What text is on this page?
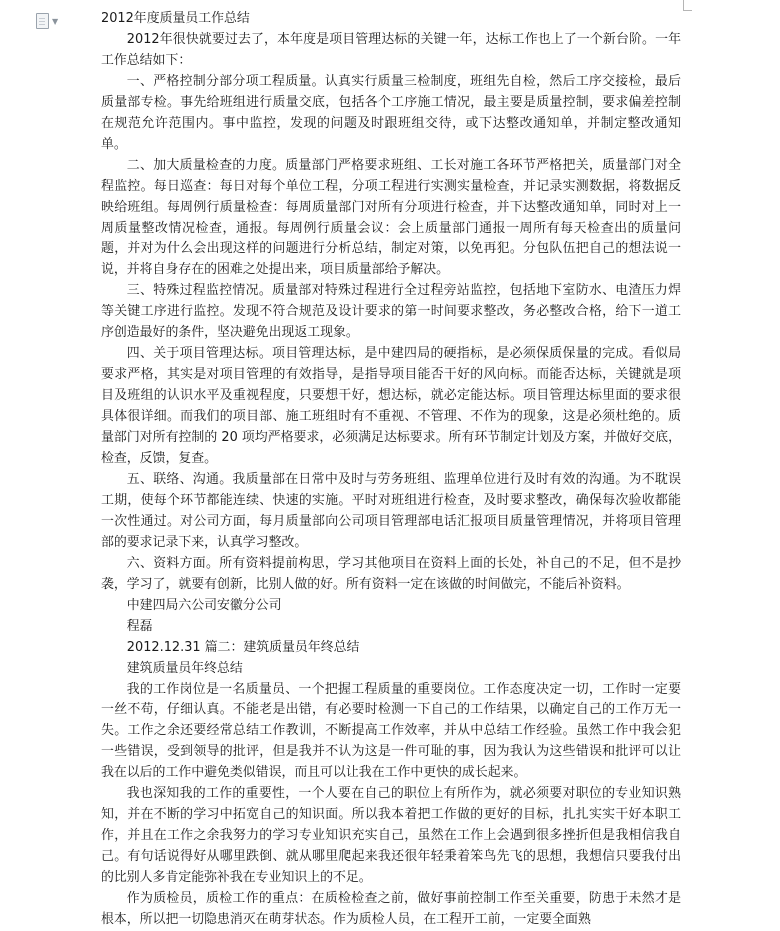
▼	2012年度质量员工作总结

2012年很快就要过去了，本年度是项目管理达标的关键一年，达标工作也上了一个新台阶。一年工作总结如下：

一、严格控制分部分项工程质量。认真实行质量三检制度，班组先自检，然后工序交接检，最后质量部专检。事先给班组进行质量交底，包括各个工序施工情况，最主要是质量控制，要求偏差控制在规范允许范围内。事中监控，发现的问题及时跟班组交待，或下达整改通知单，并制定整改通知单。

二、加大质量检查的力度。质量部门严格要求班组、工长对施工各环节严格把关，质量部门对全程监控。每日巡查：每日对每个单位工程，分项工程进行实测实量检查，并记录实测数据，将数据反映给班组。每周例行质量检查：每周质量部门对所有分项进行检查，并下达整改通知单，同时对上一周质量整改情况检查，通报。每周例行质量会议：会上质量部门通报一周所有每天检查出的质量问题，并对为什么会出现这样的问题进行分析总结，制定对策，以免再犯。分包队伍把自己的想法说一说，并将自身存在的困难之处提出来，项目质量部给予解决。

三、特殊过程监控情况。质量部对特殊过程进行全过程旁站监控，包括地下室防水、电渣压力焊等关键工序进行监控。发现不符合规范及设计要求的第一时间要求整改，务必整改合格，给下一道工序创造最好的条件，坚决避免出现返工现象。

四、关于项目管理达标。项目管理达标，是中建四局的硬指标，是必须保质保量的完成。看似局要求严格，其实是对项目管理的有效指导，是指导项目能否干好的风向标。而能否达标，关键就是项目及班组的认识水平及重视程度，只要想干好，想达标，就必定能达标。项目管理达标里面的要求很具体很详细。而我们的项目部、施工班组时有不重视、不管理、不作为的现象，这是必须杜绝的。质量部门对所有控制的 20 项均严格要求，必须满足达标要求。所有环节制定计划及方案，并做好交底，检查，反馈，复查。

五、联络、沟通。我质量部在日常中及时与劳务班组、监理单位进行及时有效的沟通。为不耽误工期，使每个环节都能连续、快速的实施。平时对班组进行检查，及时要求整改，确保每次验收都能一次性通过。对公司方面，每月质量部向公司项目管理部电话汇报项目质量管理情况，并将项目管理部的要求记录下来，认真学习整改。

六、资料方面。所有资料提前构思，学习其他项目在资料上面的长处，补自己的不足，但不是抄袭，学习了，就要有创新，比别人做的好。所有资料一定在该做的时间做完，不能后补资料。

中建四局六公司安徽分公司

程磊

2012.12.31 篇二：建筑质量员年终总结

建筑质量员年终总结

我的工作岗位是一名质量员、一个把握工程质量的重要岗位。工作态度决定一切，工作时一定要一丝不苟，仔细认真。不能老是出错，有必要时检测一下自己的工作结果，以确定自己的工作万无一失。工作之余还要经常总结工作教训，不断提高工作效率，并从中总结工作经验。虽然工作中我会犯一些错误，受到领导的批评，但是我并不认为这是一件可耻的事，因为我认为这些错误和批评可以让我在以后的工作中避免类似错误，而且可以让我在工作中更快的成长起来。

我也深知我的工作的重要性，一个人要在自己的职位上有所作为，就必须要对职位的专业知识熟知，并在不断的学习中拓宽自己的知识面。所以我本着把工作做的更好的目标，扎扎实实干好本职工作，并且在工作之余我努力的学习专业知识充实自己，虽然在工作上会遇到很多挫折但是我相信我自己。有句话说得好从哪里跌倒、就从哪里爬起来我还很年轻秉着笨鸟先飞的思想，我想信只要我付出的比别人多肯定能弥补我在专业知识上的不足。

作为质检员，质检工作的重点：在质检检查之前，做好事前控制工作至关重要，防患于未然才是根本，所以把一切隐患消灭在萌芽状态。作为质检人员，在工程开工前，一定要全面熟
